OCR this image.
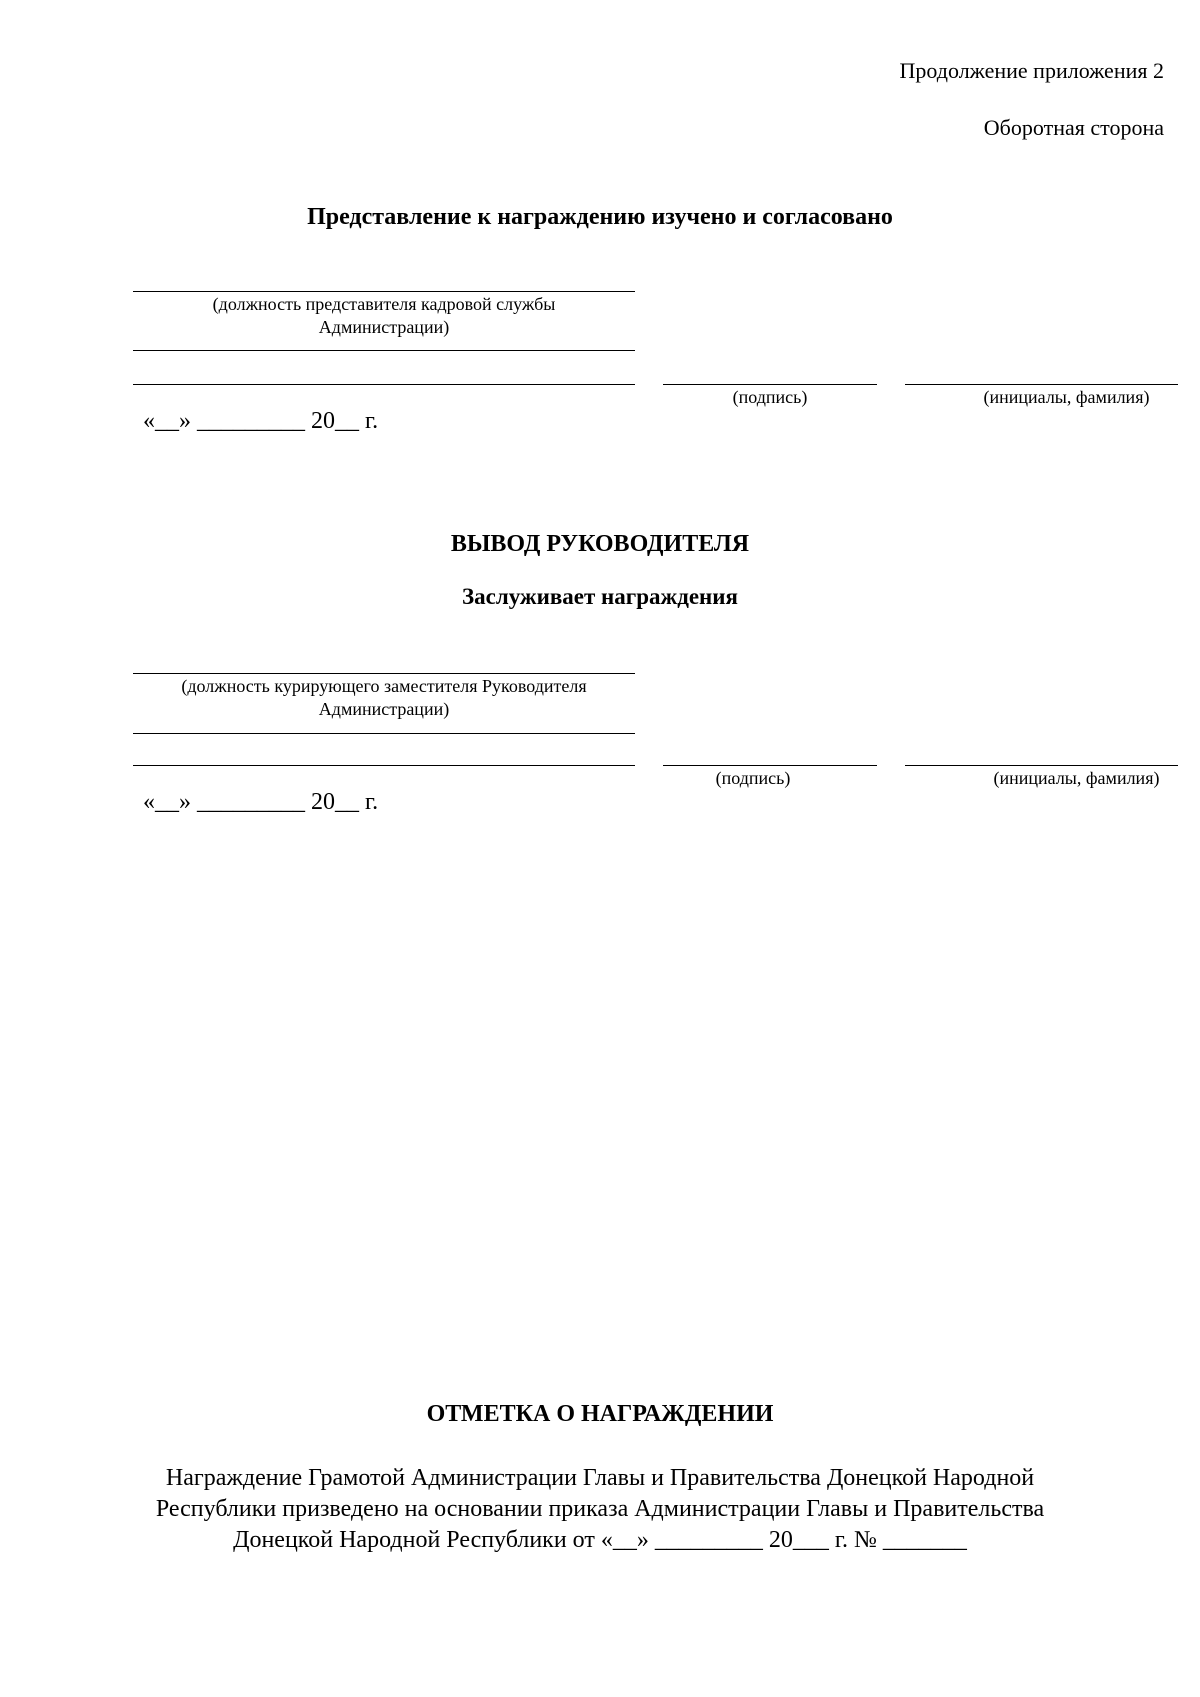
Продолжение приложения 2
Оборотная сторона
Представление к награждению изучено и согласовано
(должность представителя кадровой службы
Администрации)
(подпись)	(инициалы, фамилия)
«__» _________ 20__ г.
ВЫВОД РУКОВОДИТЕЛЯ
Заслуживает награждения
(должность курирующего заместителя Руководителя
Администрации)
(подпись)	(инициалы, фамилия)
«__» _________ 20__ г.
ОТМЕТКА О НАГРАЖДЕНИИ
Награждение Грамотой Администрации Главы и Правительства Донецкой Народной
Республики призведено на основании приказа Администрации Главы и Правительства
Донецкой Народной Республики от «__» _________ 20___ г. № _______
